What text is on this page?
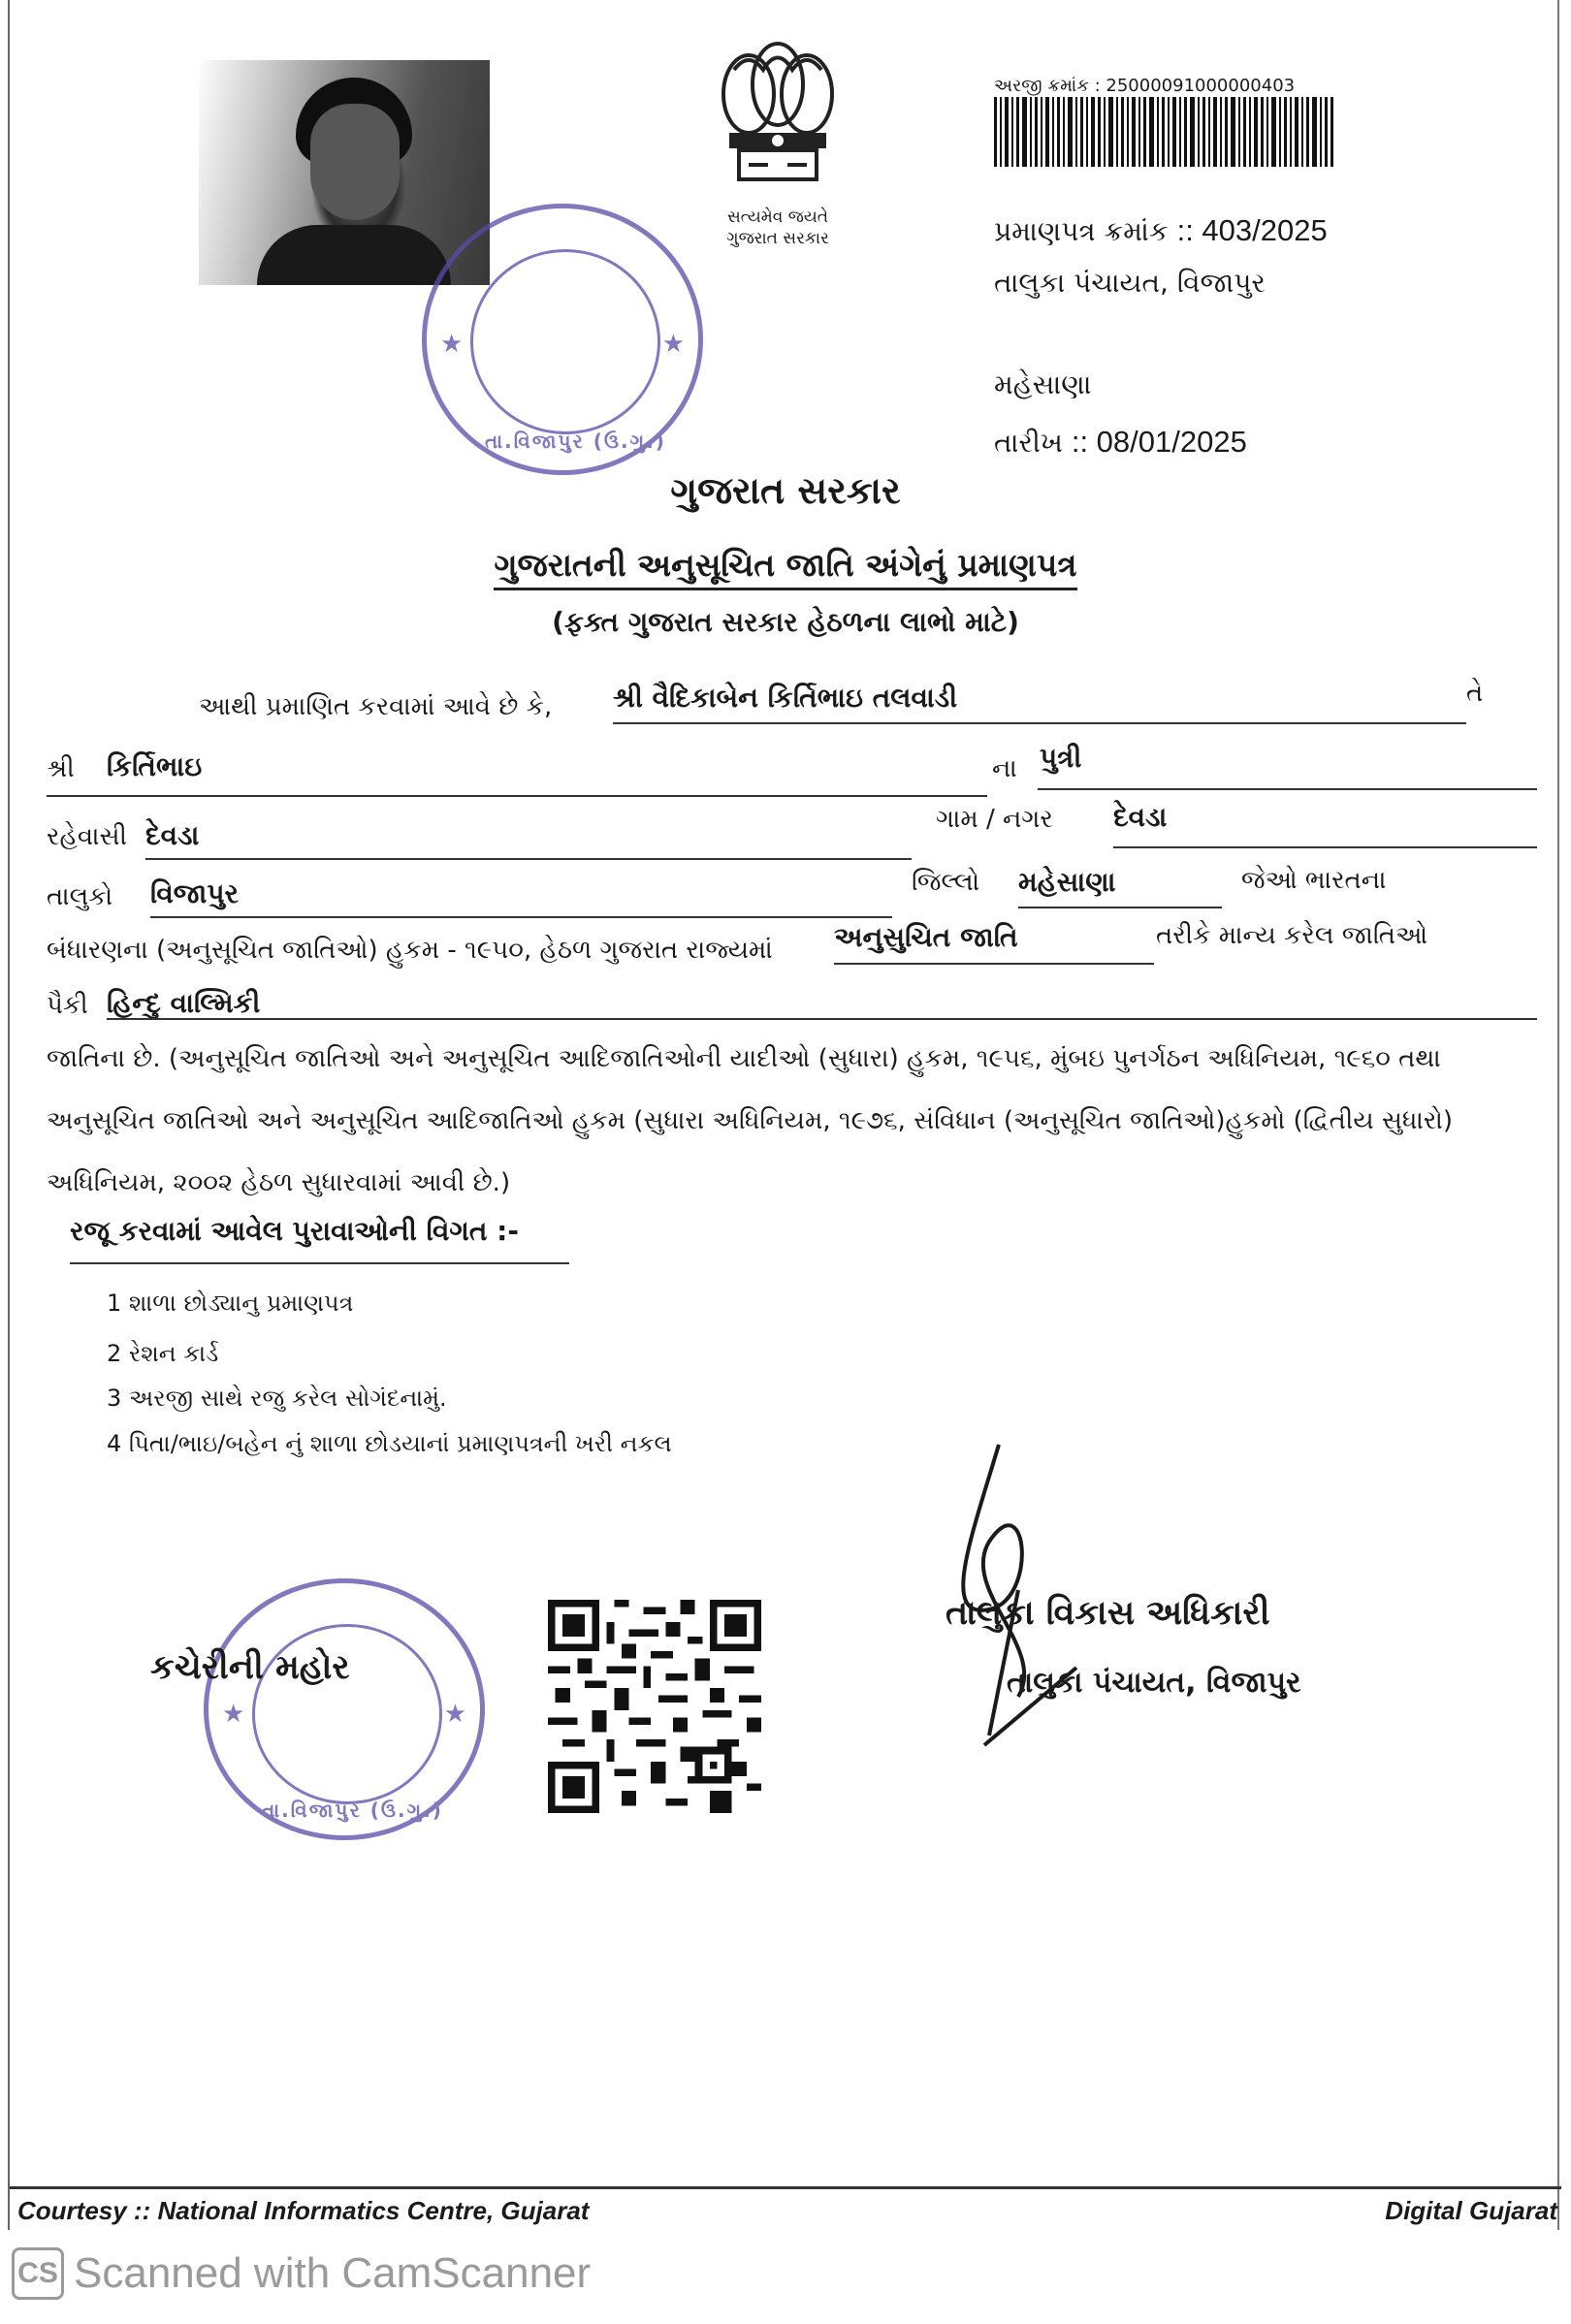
★	★
તા.વિજાપુર (ઉ.ગુ.)
સત્યમેવ જયતે
ગુજરાત સરકાર
અરજી ક્રમાંક : 25000091000000403
પ્રમાણપત્ર ક્રમાંક :: 403/2025
તાલુકા પંચાયત, વિજાપુર
મહેસાણા
તારીખ :: 08/01/2025
ગુજરાત સરકાર
ગુજરાતની અનુસૂચિત જાતિ અંગેનું પ્રમાણપત્ર
(ફક્ત ગુજરાત સરકાર હેઠળના લાભો માટે)
આથી પ્રમાણિત કરવામાં આવે છે કે, શ્રી વૈદિકાબેન કિર્તિભાઇ તલવાડી	તે
શ્રી કિર્તિભાઇ	ના પુત્રી
રહેવાસી દેવડા	ગામ / નગર દેવડા
તાલુકો વિજાપુર	જિલ્લો મહેસાણા	જેઓ ભારતના
બંધારણના (અનુસૂચિત જાતિઓ) હુકમ - ૧૯૫૦, હેઠળ ગુજરાત રાજ્યમાં અનુસુચિત જાતિ	તરીકે માન્ય કરેલ જાતિઓ
પૈકી હિન્દુ વાલ્મિકી
જાતિના છે. (અનુસૂચિત જાતિઓ અને અનુસૂચિત આદિજાતિઓની યાદીઓ (સુધારા) હુકમ, ૧૯૫૬, મુંબઇ પુનર્ગઠન અધિનિયમ, ૧૯૬૦ તથા
અનુસૂચિત જાતિઓ અને અનુસૂચિત આદિજાતિઓ હુકમ (સુધારા અધિનિયમ, ૧૯૭૬, સંવિધાન (અનુસૂચિત જાતિઓ)હુકમો (દ્વિતીય સુધારો)
અધિનિયમ, ૨૦૦૨ હેઠળ સુધારવામાં આવી છે.)
રજૂ કરવામાં આવેલ પુરાવાઓની વિગત :-
1 શાળા છોડ્યાનુ પ્રમાણપત્ર
2 રેશન કાર્ડ
3 અરજી સાથે રજુ કરેલ સોગંદનામું.
4 પિતા/ભાઇ/બહેન નું શાળા છોડયાનાં પ્રમાણપત્રની ખરી નકલ
★	★
તા.વિજાપુર (ઉ.ગુ.)
કચેરીની મહોર
તાલુકા વિકાસ અધિકારી
તાલુકા પંચાયત, વિજાપુર
Courtesy :: National Informatics Centre, Gujarat	Digital Gujarat
CS Scanned with CamScanner
